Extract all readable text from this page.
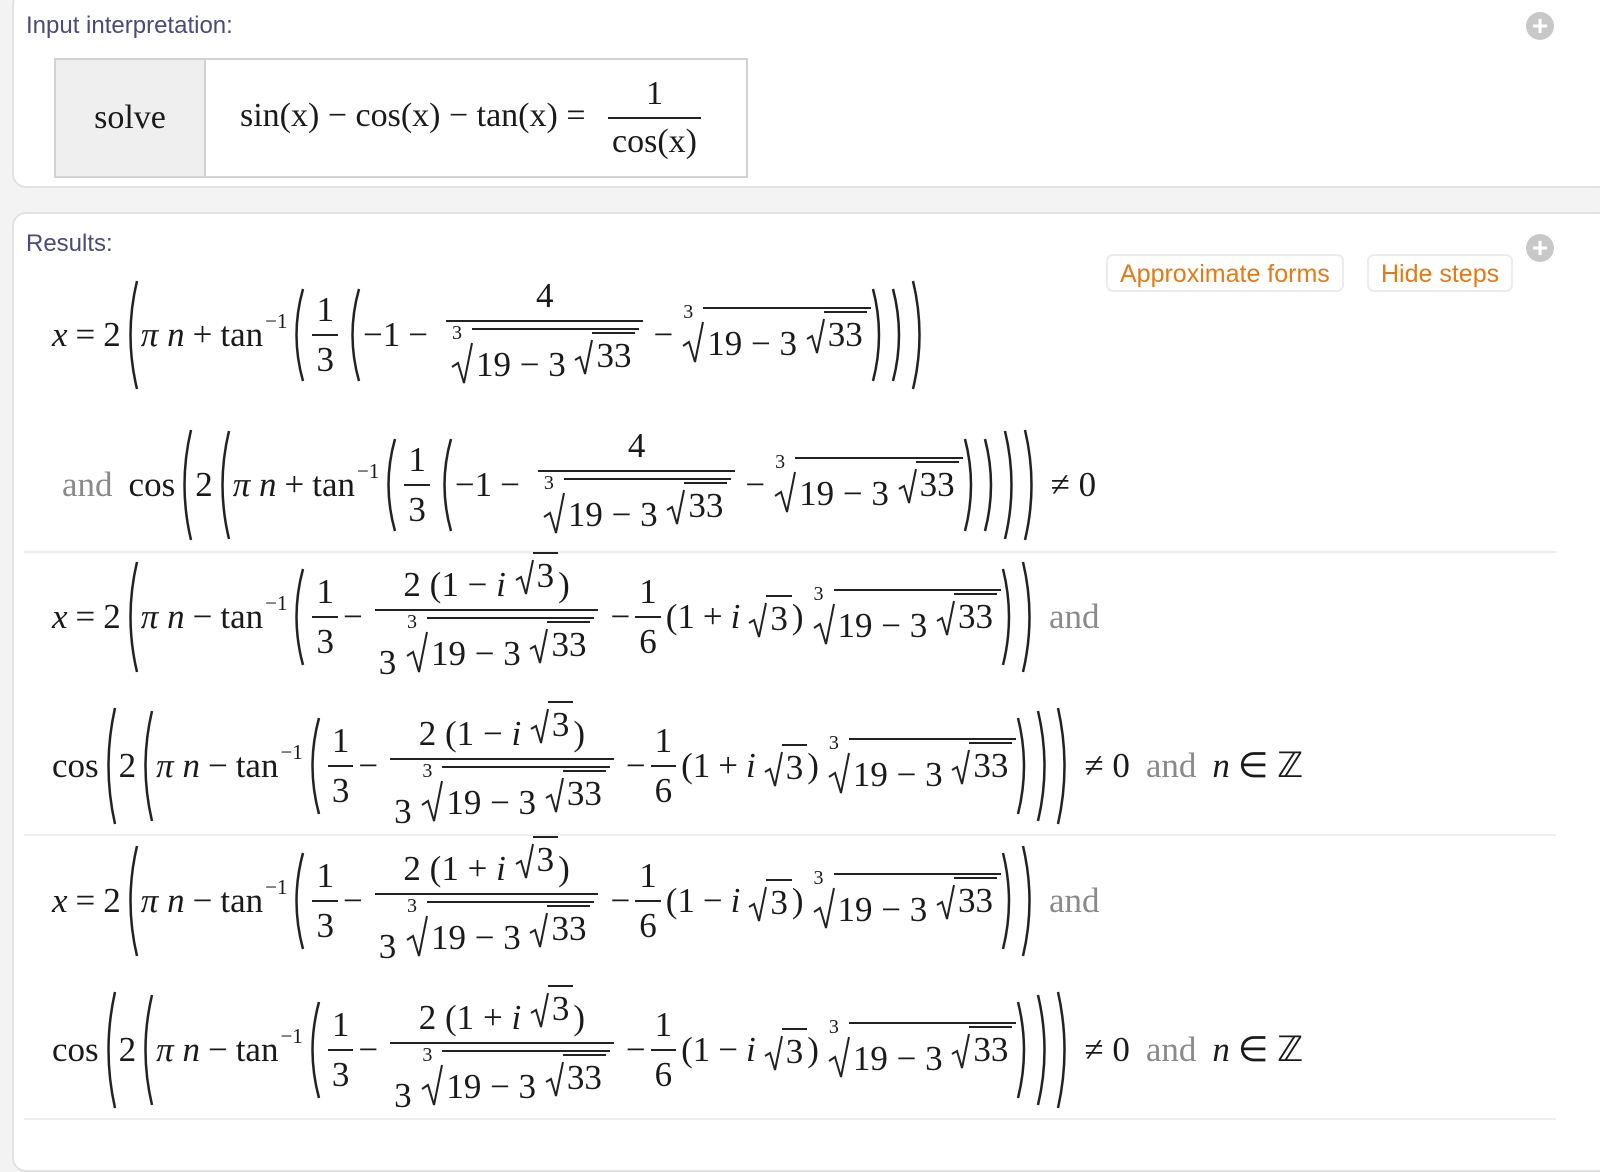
Input interpretation:	+
solve	$\sin(x) - \cos(x) - \tan(x) = \frac{1}{\cos(x)}$
Results:
Approximate forms	Hide steps
+
x = 2 π $n + \tan -1 \frac{1}{3} -1 - 4$
3
19 − 3 33 −
3
19 − 3 33
and cos 2 π $n + \tan -1 \frac{1}{3} -1 - 4$
3
19 − 3 33 −
3
19 − 3 33	≠ 0
x = 2 π $n - \tan -1 \frac{1}{3} - 2$ (1 − i 3 )
3
3
19 − 3 $33 - \frac{1}{6} (1 + i$ 3 )
3
19 − 3 33 and
cos 2 π $n - \tan -1 \frac{1}{3} - 2$ (1 − i 3 )
3
3
19 − 3 $33 - \frac{1}{6} (1 + i$ 3 )
3
19 − 3 33 ≠ 0 and n ∈ ℤ
x = 2 π $n - \tan -1 \frac{1}{3} - 2$ (1 + i 3 )
3
3
19 − 3 $33 - \frac{1}{6} (1 - i$ 3 )
3
19 − 3 33 and
cos 2 π $n - \tan -1 \frac{1}{3} - 2$ (1 + i 3 )
3
3
19 − 3 $33 - \frac{1}{6} (1 - i$ 3 )
3
19 − 3 33 ≠ 0 and n ∈ ℤ
